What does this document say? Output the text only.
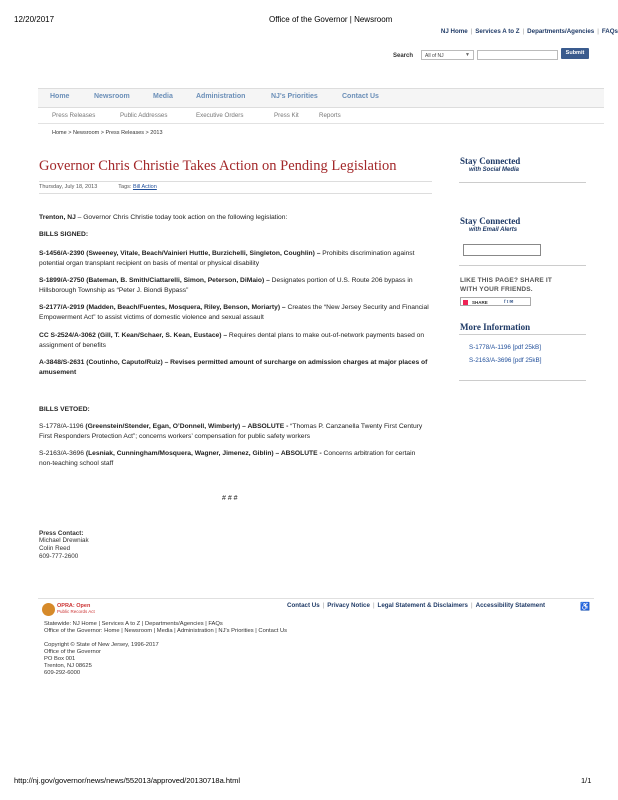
12/20/2017	Office of the Governor | Newsroom
NJ Home | Services A to Z | Departments/Agencies | FAQs
Search	All of NJ	▼	Submit
Home	Newsroom	Media	Administration	NJ's Priorities	Contact Us
Press Releases	Public Addresses	Executive Orders	Press Kit	Reports
Home > Newsroom > Press Releases > 2013
Governor Chris Christie Takes Action on Pending Legislation
Thursday, July 18, 2013	Tags: Bill Action
Trenton, NJ – Governor Chris Christie today took action on the following legislation:
BILLS SIGNED:
S-1456/A-2390 (Sweeney, Vitale, Beach/Vainieri Huttle, Burzichelli, Singleton, Coughlin) – Prohibits discrimination against potential organ transplant recipient on basis of mental or physical disability
S-1899/A-2750 (Bateman, B. Smith/Ciattarelli, Simon, Peterson, DiMaio) – Designates portion of U.S. Route 206 bypass in Hillsborough Township as “Peter J. Biondi Bypass”
S-2177/A-2919 (Madden, Beach/Fuentes, Mosquera, Riley, Benson, Moriarty) – Creates the “New Jersey Security and Financial Empowerment Act” to assist victims of domestic violence and sexual assault
CC S-2524/A-3062 (Gill, T. Kean/Schaer, S. Kean, Eustace) – Requires dental plans to make out-of-network payments based on assignment of benefits
A-3848/S-2631 (Coutinho, Caputo/Ruiz) – Revises permitted amount of surcharge on admission charges at major places of amusement
BILLS VETOED:
S-1778/A-1196 (Greenstein/Stender, Egan, O’Donnell, Wimberly) – ABSOLUTE - “Thomas P. Canzanella Twenty First Century First Responders Protection Act”; concerns workers’ compensation for public safety workers
S-2163/A-3696 (Lesniak, Cunningham/Mosquera, Wagner, Jimenez, Giblin) – ABSOLUTE - Concerns arbitration for certain non-teaching school staff
# # #
Press Contact:
Michael Drewniak
Colin Reed
609-777-2600
Stay Connected
with Social Media
Stay Connected
with Email Alerts
LIKE THIS PAGE? SHARE IT
WITH YOUR FRIENDS.
SHARE	f t ✉
More Information
S-1778/A-1196 [pdf 25kB]
S-2163/A-3696 [pdf 25kB]
OPRA: Open
Public Records Act
Contact Us | Privacy Notice | Legal Statement & Disclaimers | Accessibility Statement	♿
Statewide: NJ Home | Services A to Z | Departments/Agencies | FAQs
Office of the Governor: Home | Newsroom | Media | Administration | NJ's Priorities | Contact Us
Copyright © State of New Jersey, 1996-2017
Office of the Governor
PO Box 001
Trenton, NJ 08625
609-292-6000
http://nj.gov/governor/news/news/552013/approved/20130718a.html	1/1
